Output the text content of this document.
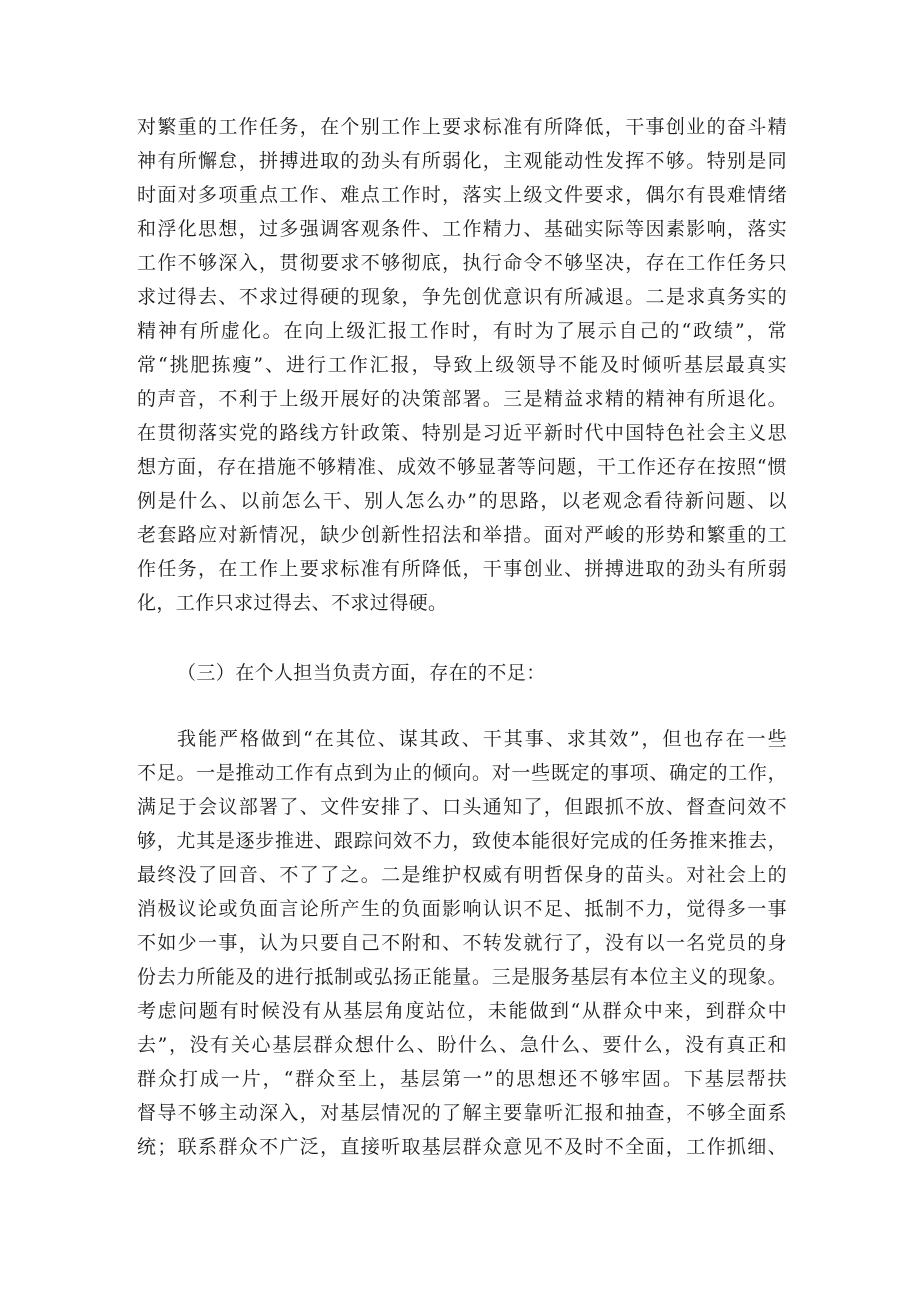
对繁重的工作任务，在个别工作上要求标准有所降低，干事创业的奋斗精
神有所懈怠，拼搏进取的劲头有所弱化，主观能动性发挥不够。特别是同
时面对多项重点工作、难点工作时，落实上级文件要求，偶尔有畏难情绪
和浮化思想，过多强调客观条件、工作精力、基础实际等因素影响，落实
工作不够深入，贯彻要求不够彻底，执行命令不够坚决，存在工作任务只
求过得去、不求过得硬的现象，争先创优意识有所减退。二是求真务实的
精神有所虚化。在向上级汇报工作时，有时为了展示自己的“政绩”，常
常“挑肥拣瘦”、进行工作汇报，导致上级领导不能及时倾听基层最真实
的声音，不利于上级开展好的决策部署。三是精益求精的精神有所退化。
在贯彻落实党的路线方针政策、特别是习近平新时代中国特色社会主义思
想方面，存在措施不够精准、成效不够显著等问题，干工作还存在按照“惯
例是什么、以前怎么干、别人怎么办”的思路，以老观念看待新问题、以
老套路应对新情况，缺少创新性招法和举措。面对严峻的形势和繁重的工
作任务，在工作上要求标准有所降低，干事创业、拼搏进取的劲头有所弱
化，工作只求过得去、不求过得硬。
（三）在个人担当负责方面，存在的不足：
我能严格做到“在其位、谋其政、干其事、求其效”，但也存在一些
不足。一是推动工作有点到为止的倾向。对一些既定的事项、确定的工作，
满足于会议部署了、文件安排了、口头通知了，但跟抓不放、督查问效不
够，尤其是逐步推进、跟踪问效不力，致使本能很好完成的任务推来推去，
最终没了回音、不了了之。二是维护权威有明哲保身的苗头。对社会上的
消极议论或负面言论所产生的负面影响认识不足、抵制不力，觉得多一事
不如少一事，认为只要自己不附和、不转发就行了，没有以一名党员的身
份去力所能及的进行抵制或弘扬正能量。三是服务基层有本位主义的现象。
考虑问题有时候没有从基层角度站位，未能做到“从群众中来，到群众中
去”，没有关心基层群众想什么、盼什么、急什么、要什么，没有真正和
群众打成一片，“群众至上，基层第一”的思想还不够牢固。下基层帮扶
督导不够主动深入，对基层情况的了解主要靠听汇报和抽查，不够全面系
统；联系群众不广泛，直接听取基层群众意见不及时不全面，工作抓细、
